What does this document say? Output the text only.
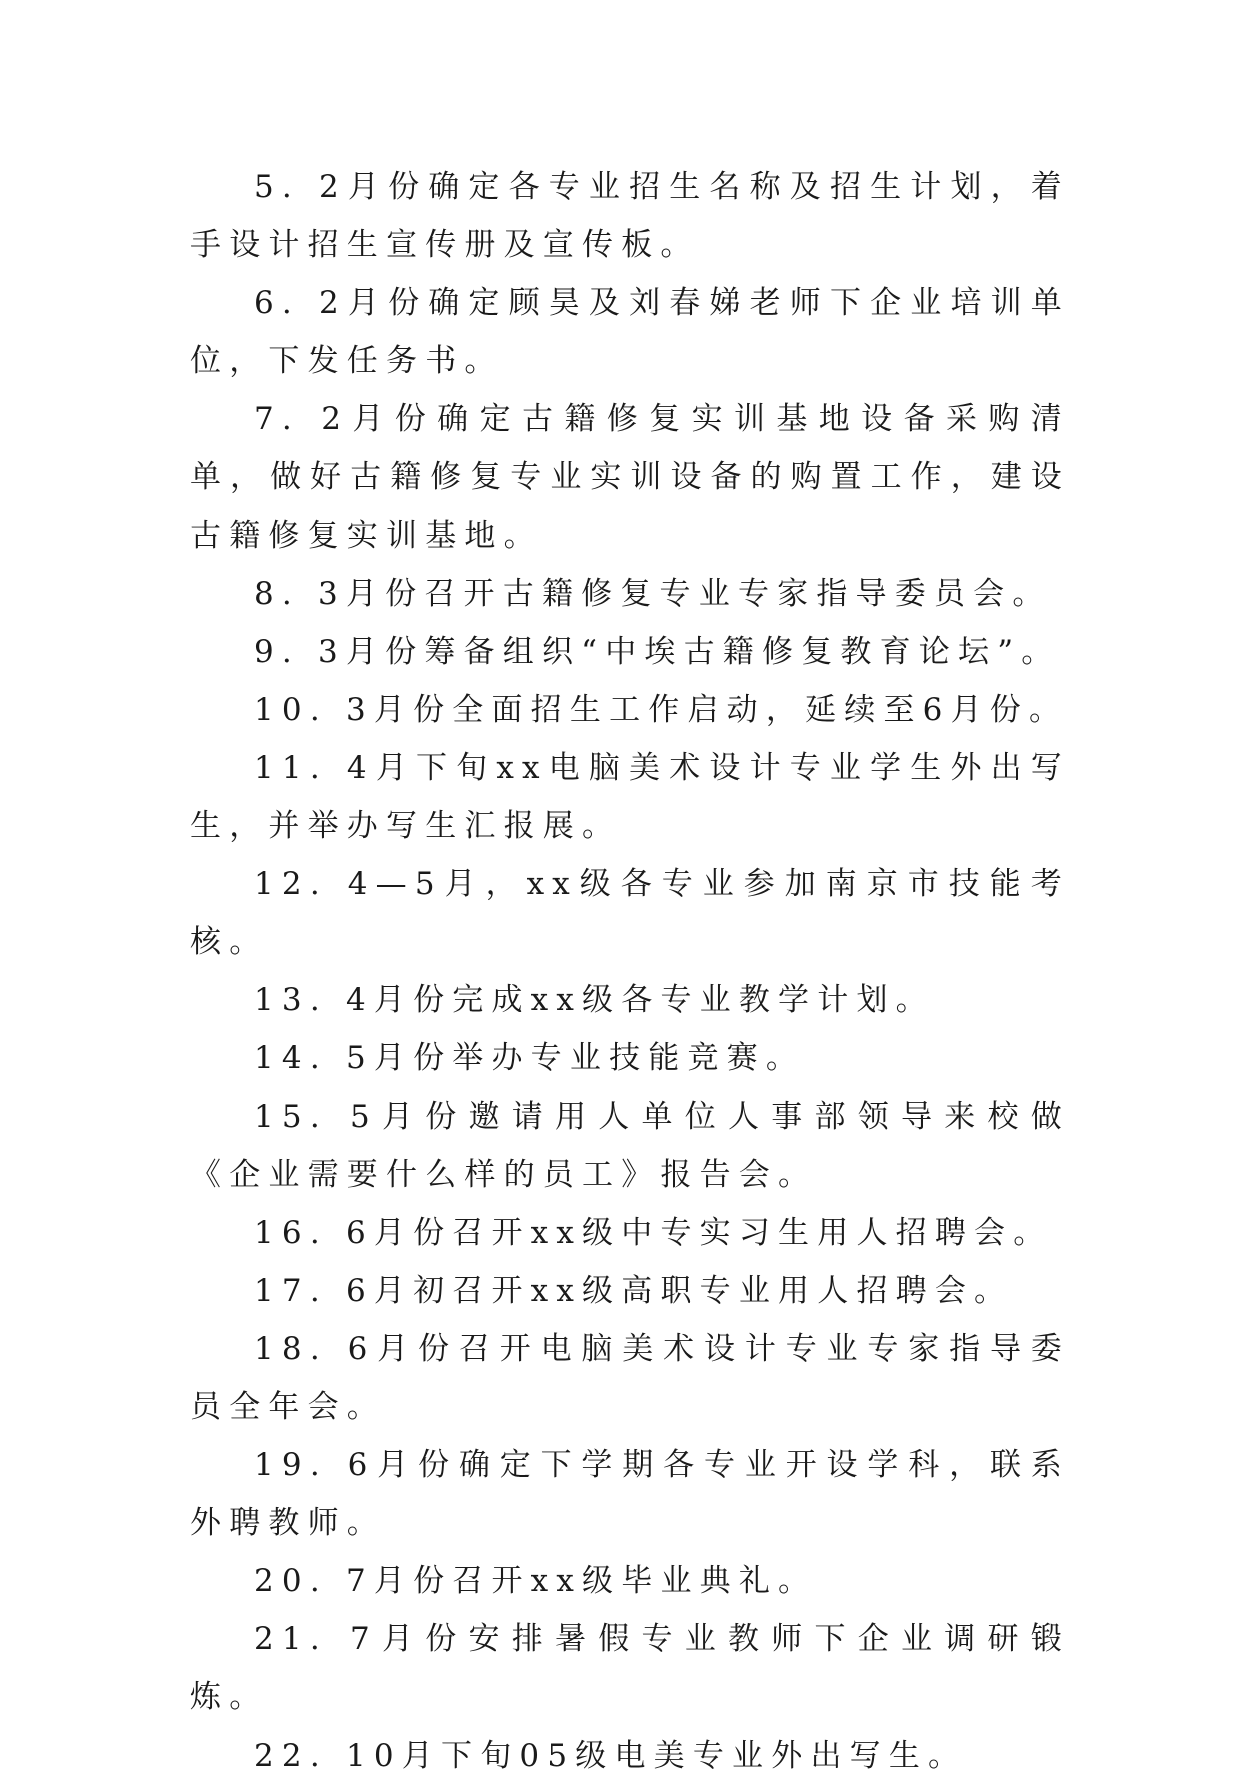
5. 2月份确定各专业招生名称及招生计划，着手设计招生宣传册及宣传板。

6. 2月份确定顾昊及刘春娣老师下企业培训单位，下发任务书。

7. 2月份确定古籍修复实训基地设备采购清单，做好古籍修复专业实训设备的购置工作，建设古籍修复实训基地。

8. 3月份召开古籍修复专业专家指导委员会。

9. 3月份筹备组织“中埃古籍修复教育论坛”。

10. 3月份全面招生工作启动，延续至6月份。

11. 4月下旬xx电脑美术设计专业学生外出写生，并举办写生汇报展。

12. 4—5月，xx级各专业参加南京市技能考核。

13. 4月份完成xx级各专业教学计划。

14. 5月份举办专业技能竞赛。

15. 5月份邀请用人单位人事部领导来校做《企业需要什么样的员工》报告会。

16. 6月份召开xx级中专实习生用人招聘会。

17. 6月初召开xx级高职专业用人招聘会。

18. 6月份召开电脑美术设计专业专家指导委员全年会。

19. 6月份确定下学期各专业开设学科，联系外聘教师。

20. 7月份召开xx级毕业典礼。

21. 7月份安排暑假专业教师下企业调研锻炼。

22. 10月下旬05级电美专业外出写生。
